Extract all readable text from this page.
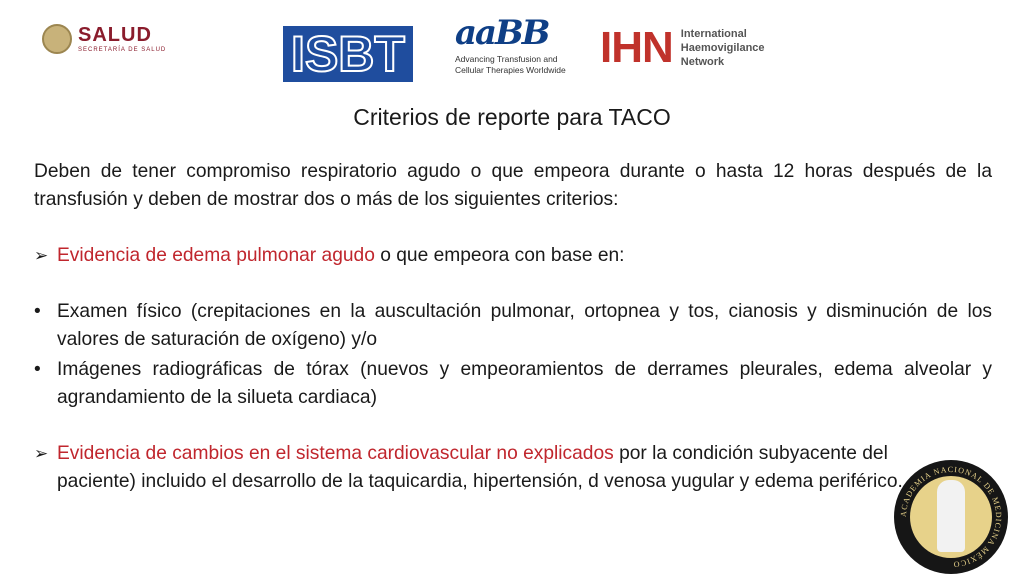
SALUD
SECRETARÍA DE SALUD ISBT aaBB
Advancing Transfusion and Cellular Therapies Worldwide IHN International
Haemovigilance
Network
Criterios de reporte para TACO

Deben de tener compromiso respiratorio agudo o que empeora durante o hasta 12 horas después de la transfusión y deben de mostrar dos o más de los siguientes criterios:

➢ Evidencia de edema pulmonar agudo o que empeora con base en:
• Examen físico (crepitaciones en la auscultación pulmonar, ortopnea y tos, cianosis y disminución de los valores de saturación de oxígeno) y/o
• Imágenes radiográficas de tórax (nuevos y empeoramientos de derrames pleurales, edema alveolar y agrandamiento de la silueta cardiaca)
➢ Evidencia de cambios en el sistema cardiovascular no explicados por la condición subyacente del paciente) incluido el desarrollo de la taquicardia, hipertensión, d venosa yugular y edema periférico.
ACADEMIA NACIONAL DE MEDICINA MÉXICO
